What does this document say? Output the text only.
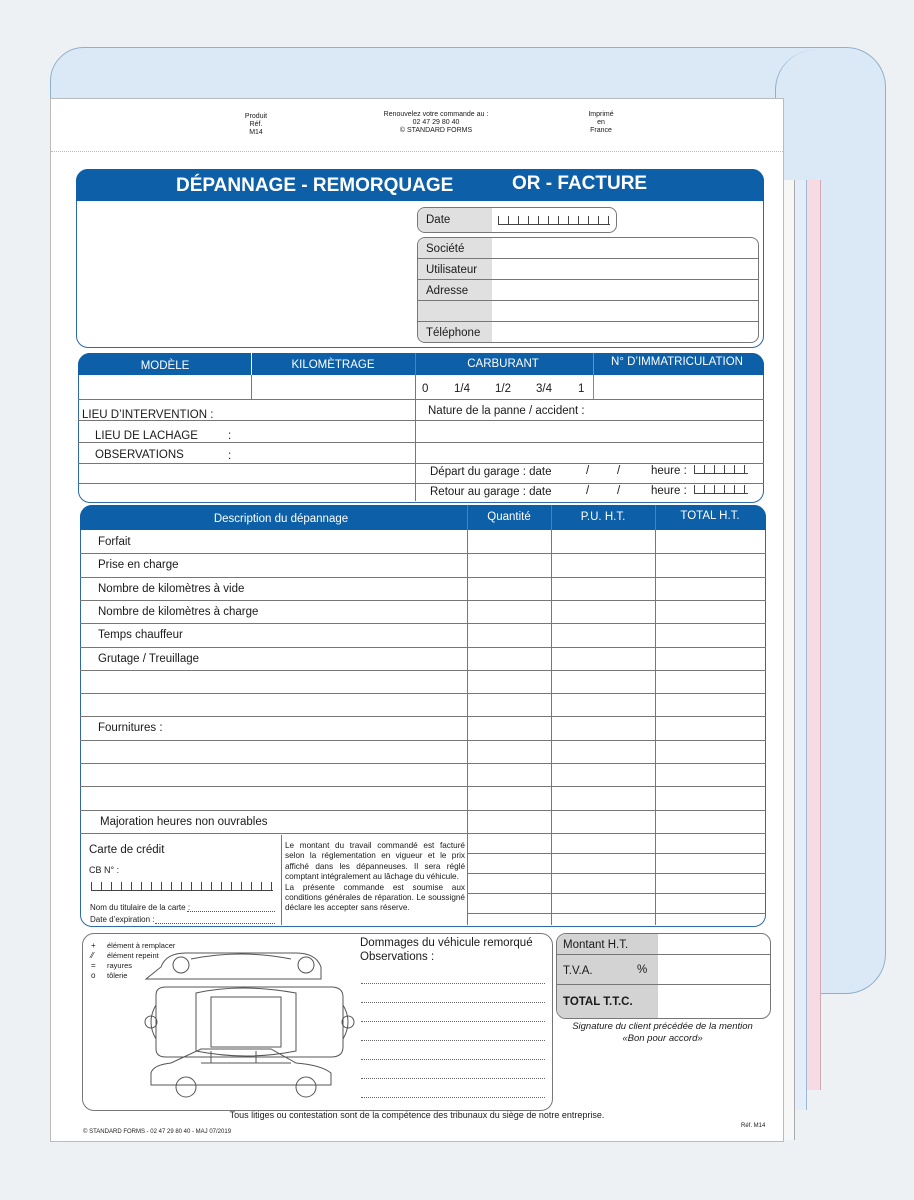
Produit
Réf.
M14
Renouvelez votre commande au :
02 47 29 80 40
© STANDARD FORMS
Imprimé
en
France
DÉPANNAGE - REMORQUAGE	OR - FACTURE
Date
Société
Utilisateur
Adresse
Téléphone
MODÈLE	KILOMÈTRAGE	CARBURANT	N° D’IMMATRICULATION
0 1/4 1/2 3/4 1
LIEU D’INTERVENTION :
LIEU DE LACHAGE	:
OBSERVATIONS	:
Nature de la panne / accident :
Départ du garage : date	/ /	heure :
Retour au garage : date	/ /	heure :
Description du dépannage	Quantité	P.U. H.T.	TOTAL H.T.
Forfait
Prise en charge
Nombre de kilomètres à vide
Nombre de kilomètres à charge
Temps chauffeur
Grutage / Treuillage
Fournitures :
Majoration heures non ouvrables
Carte de crédit
CB N° :
Nom du titulaire de la carte :
Date d’expiration :
Le montant du travail commandé est facturé selon la réglementation en vigueur et le prix affiché dans les dépanneuses. Il sera réglé comptant intégralement au lâchage du véhicule.
La présente commande est soumise aux conditions générales de réparation. Le soussigné déclare les accepter sans réserve.
+ élément à remplacer
⁄⁄ élément repeint
= rayures
o tôlerie
Dommages du véhicule remorqué
Observations :
Montant H.T.
T.V.A.	%
TOTAL T.T.C.
Signature du client précédée de la mention
«Bon pour accord»
Tous litiges ou contestation sont de la compétence des tribunaux du siège de notre entreprise.
© STANDARD FORMS - 02 47 29 80 40 - MAJ 07/2019
Réf. M14
